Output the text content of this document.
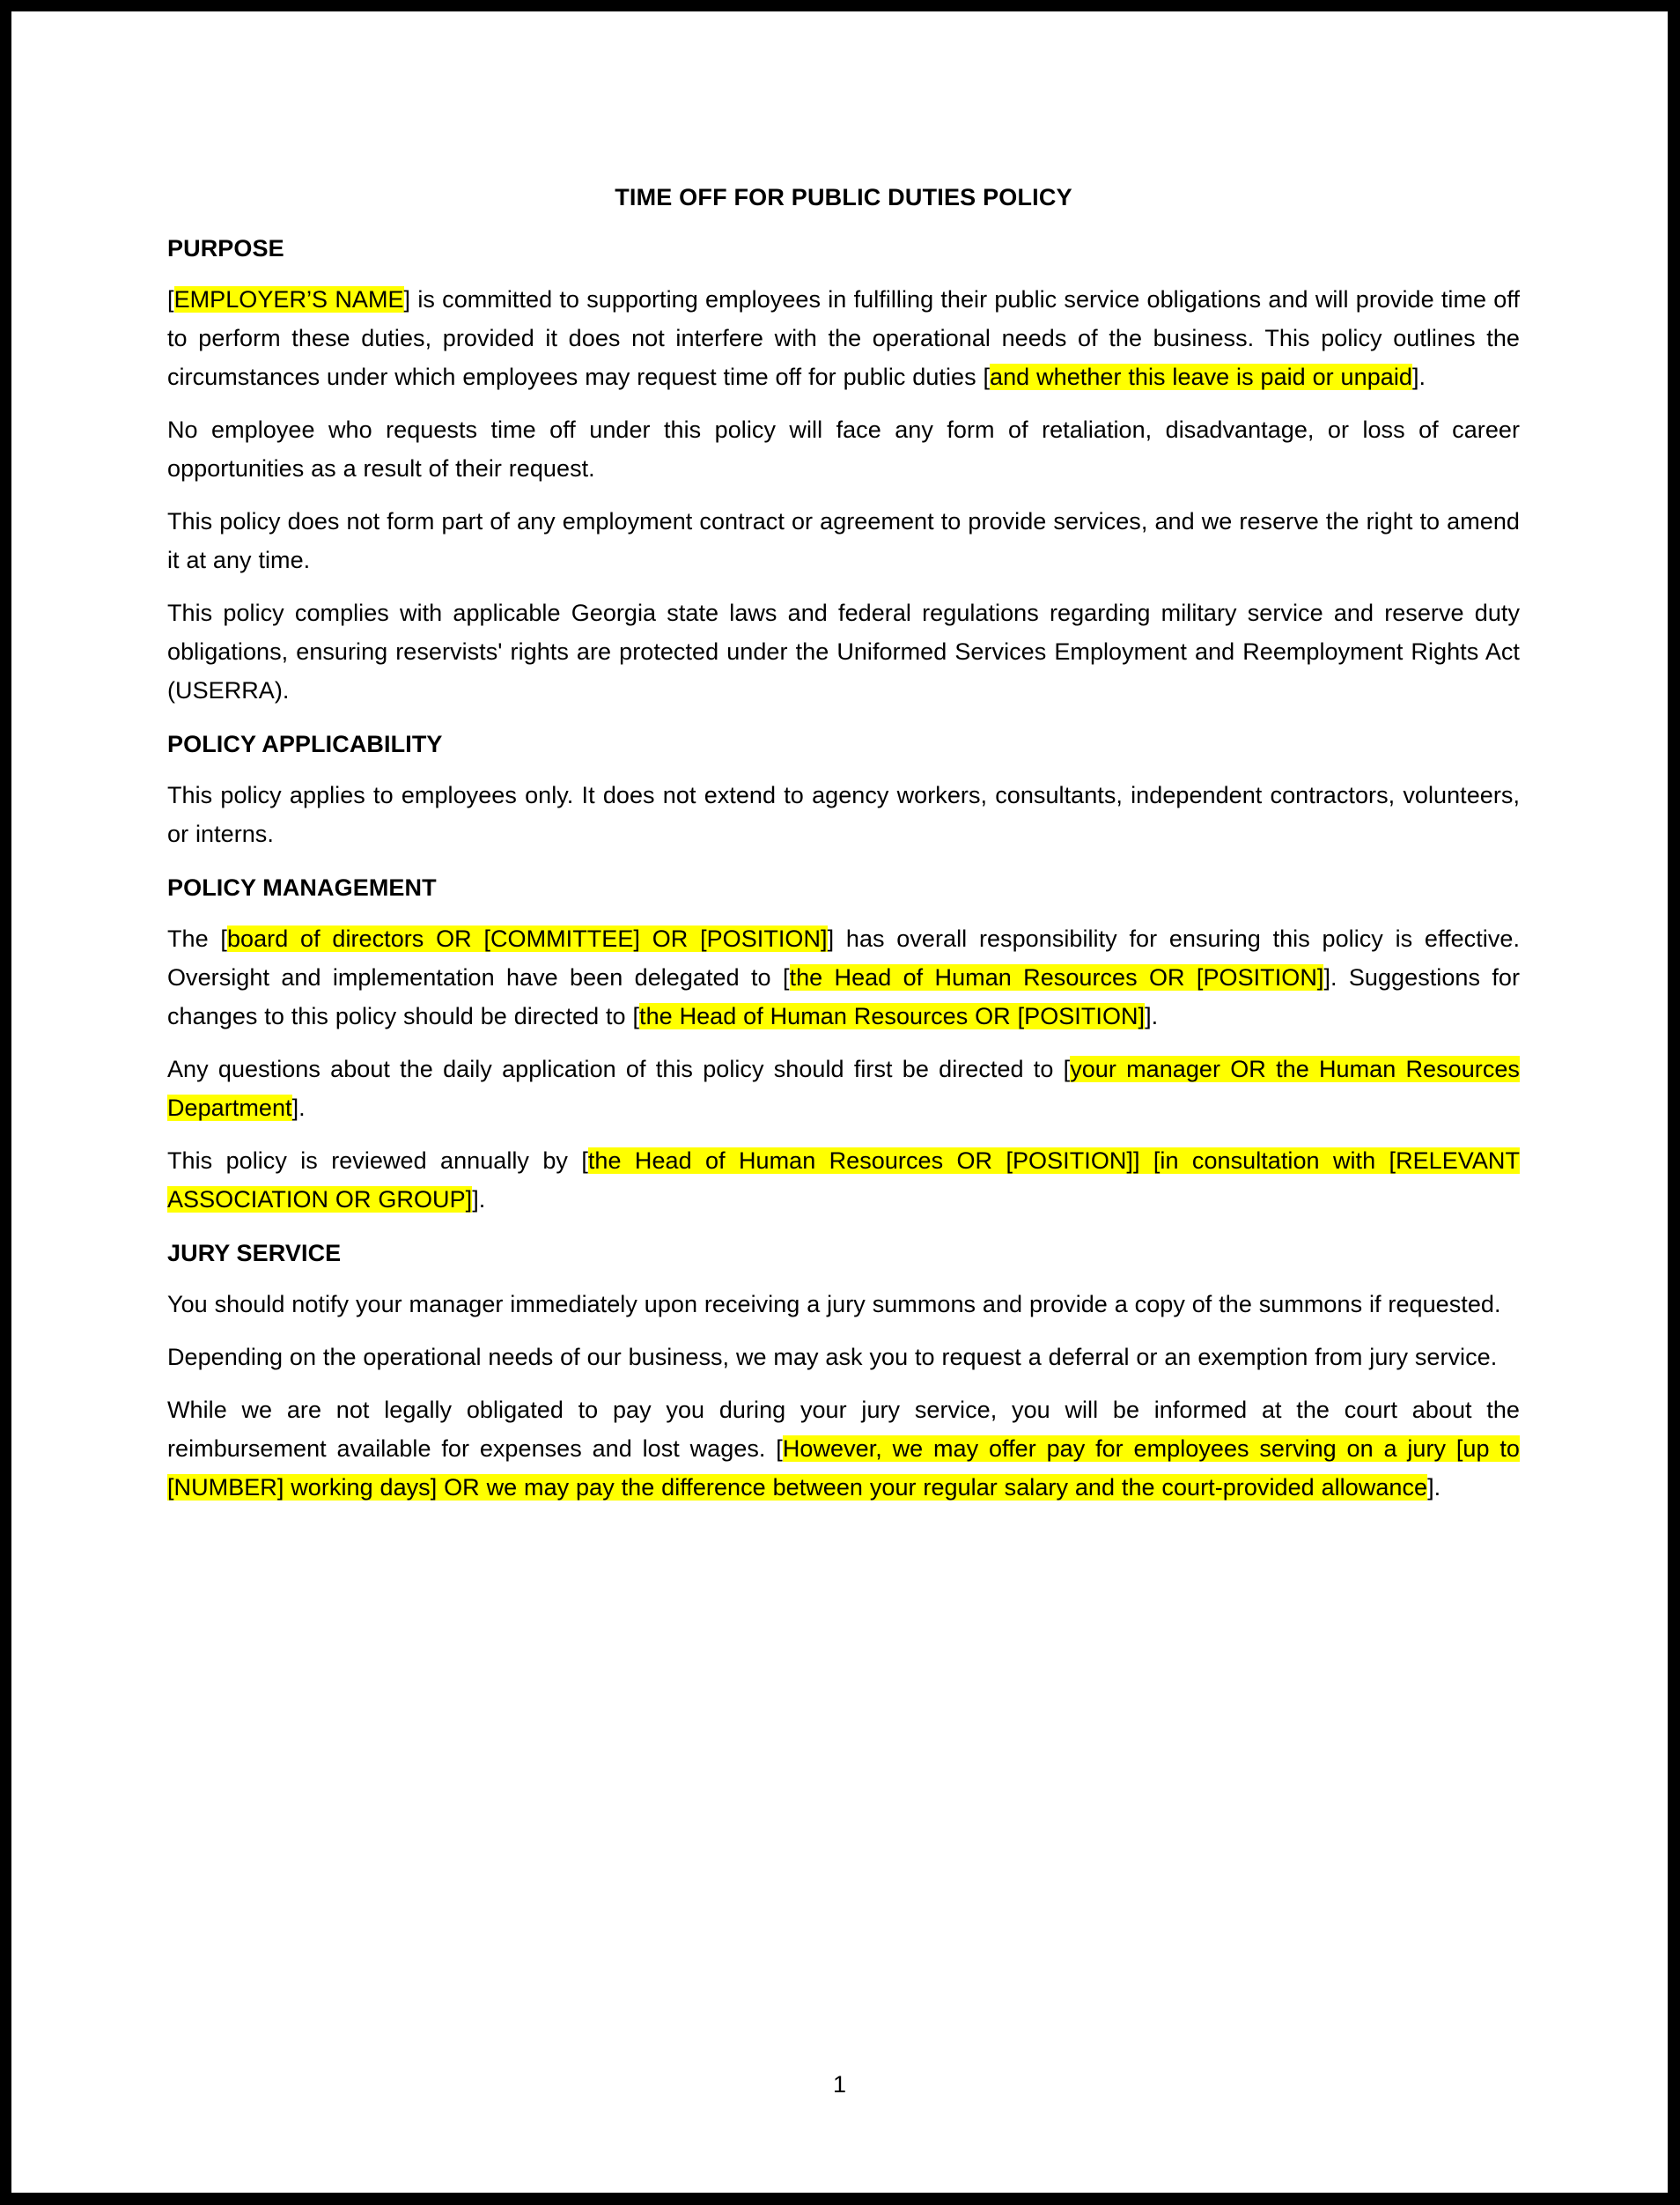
TIME OFF FOR PUBLIC DUTIES POLICY
PURPOSE

[EMPLOYER’S NAME] is committed to supporting employees in fulfilling their public service obligations and will provide time off to perform these duties, provided it does not interfere with the operational needs of the business. This policy outlines the circumstances under which employees may request time off for public duties [and whether this leave is paid or unpaid].

No employee who requests time off under this policy will face any form of retaliation, disadvantage, or loss of career opportunities as a result of their request.

This policy does not form part of any employment contract or agreement to provide services, and we reserve the right to amend it at any time.

This policy complies with applicable Georgia state laws and federal regulations regarding military service and reserve duty obligations, ensuring reservists' rights are protected under the Uniformed Services Employment and Reemployment Rights Act (USERRA).

POLICY APPLICABILITY

This policy applies to employees only. It does not extend to agency workers, consultants, independent contractors, volunteers, or interns.

POLICY MANAGEMENT

The [board of directors OR [COMMITTEE] OR [POSITION]] has overall responsibility for ensuring this policy is effective. Oversight and implementation have been delegated to [the Head of Human Resources OR [POSITION]]. Suggestions for changes to this policy should be directed to [the Head of Human Resources OR [POSITION]].

Any questions about the daily application of this policy should first be directed to [your manager OR the Human Resources Department].

This policy is reviewed annually by [the Head of Human Resources OR [POSITION]] [in consultation with [RELEVANT ASSOCIATION OR GROUP]].

JURY SERVICE

You should notify your manager immediately upon receiving a jury summons and provide a copy of the summons if requested.

Depending on the operational needs of our business, we may ask you to request a deferral or an exemption from jury service.

While we are not legally obligated to pay you during your jury service, you will be informed at the court about the reimbursement available for expenses and lost wages. [However, we may offer pay for employees serving on a jury [up to [NUMBER] working days] OR we may pay the difference between your regular salary and the court-provided allowance].

1
